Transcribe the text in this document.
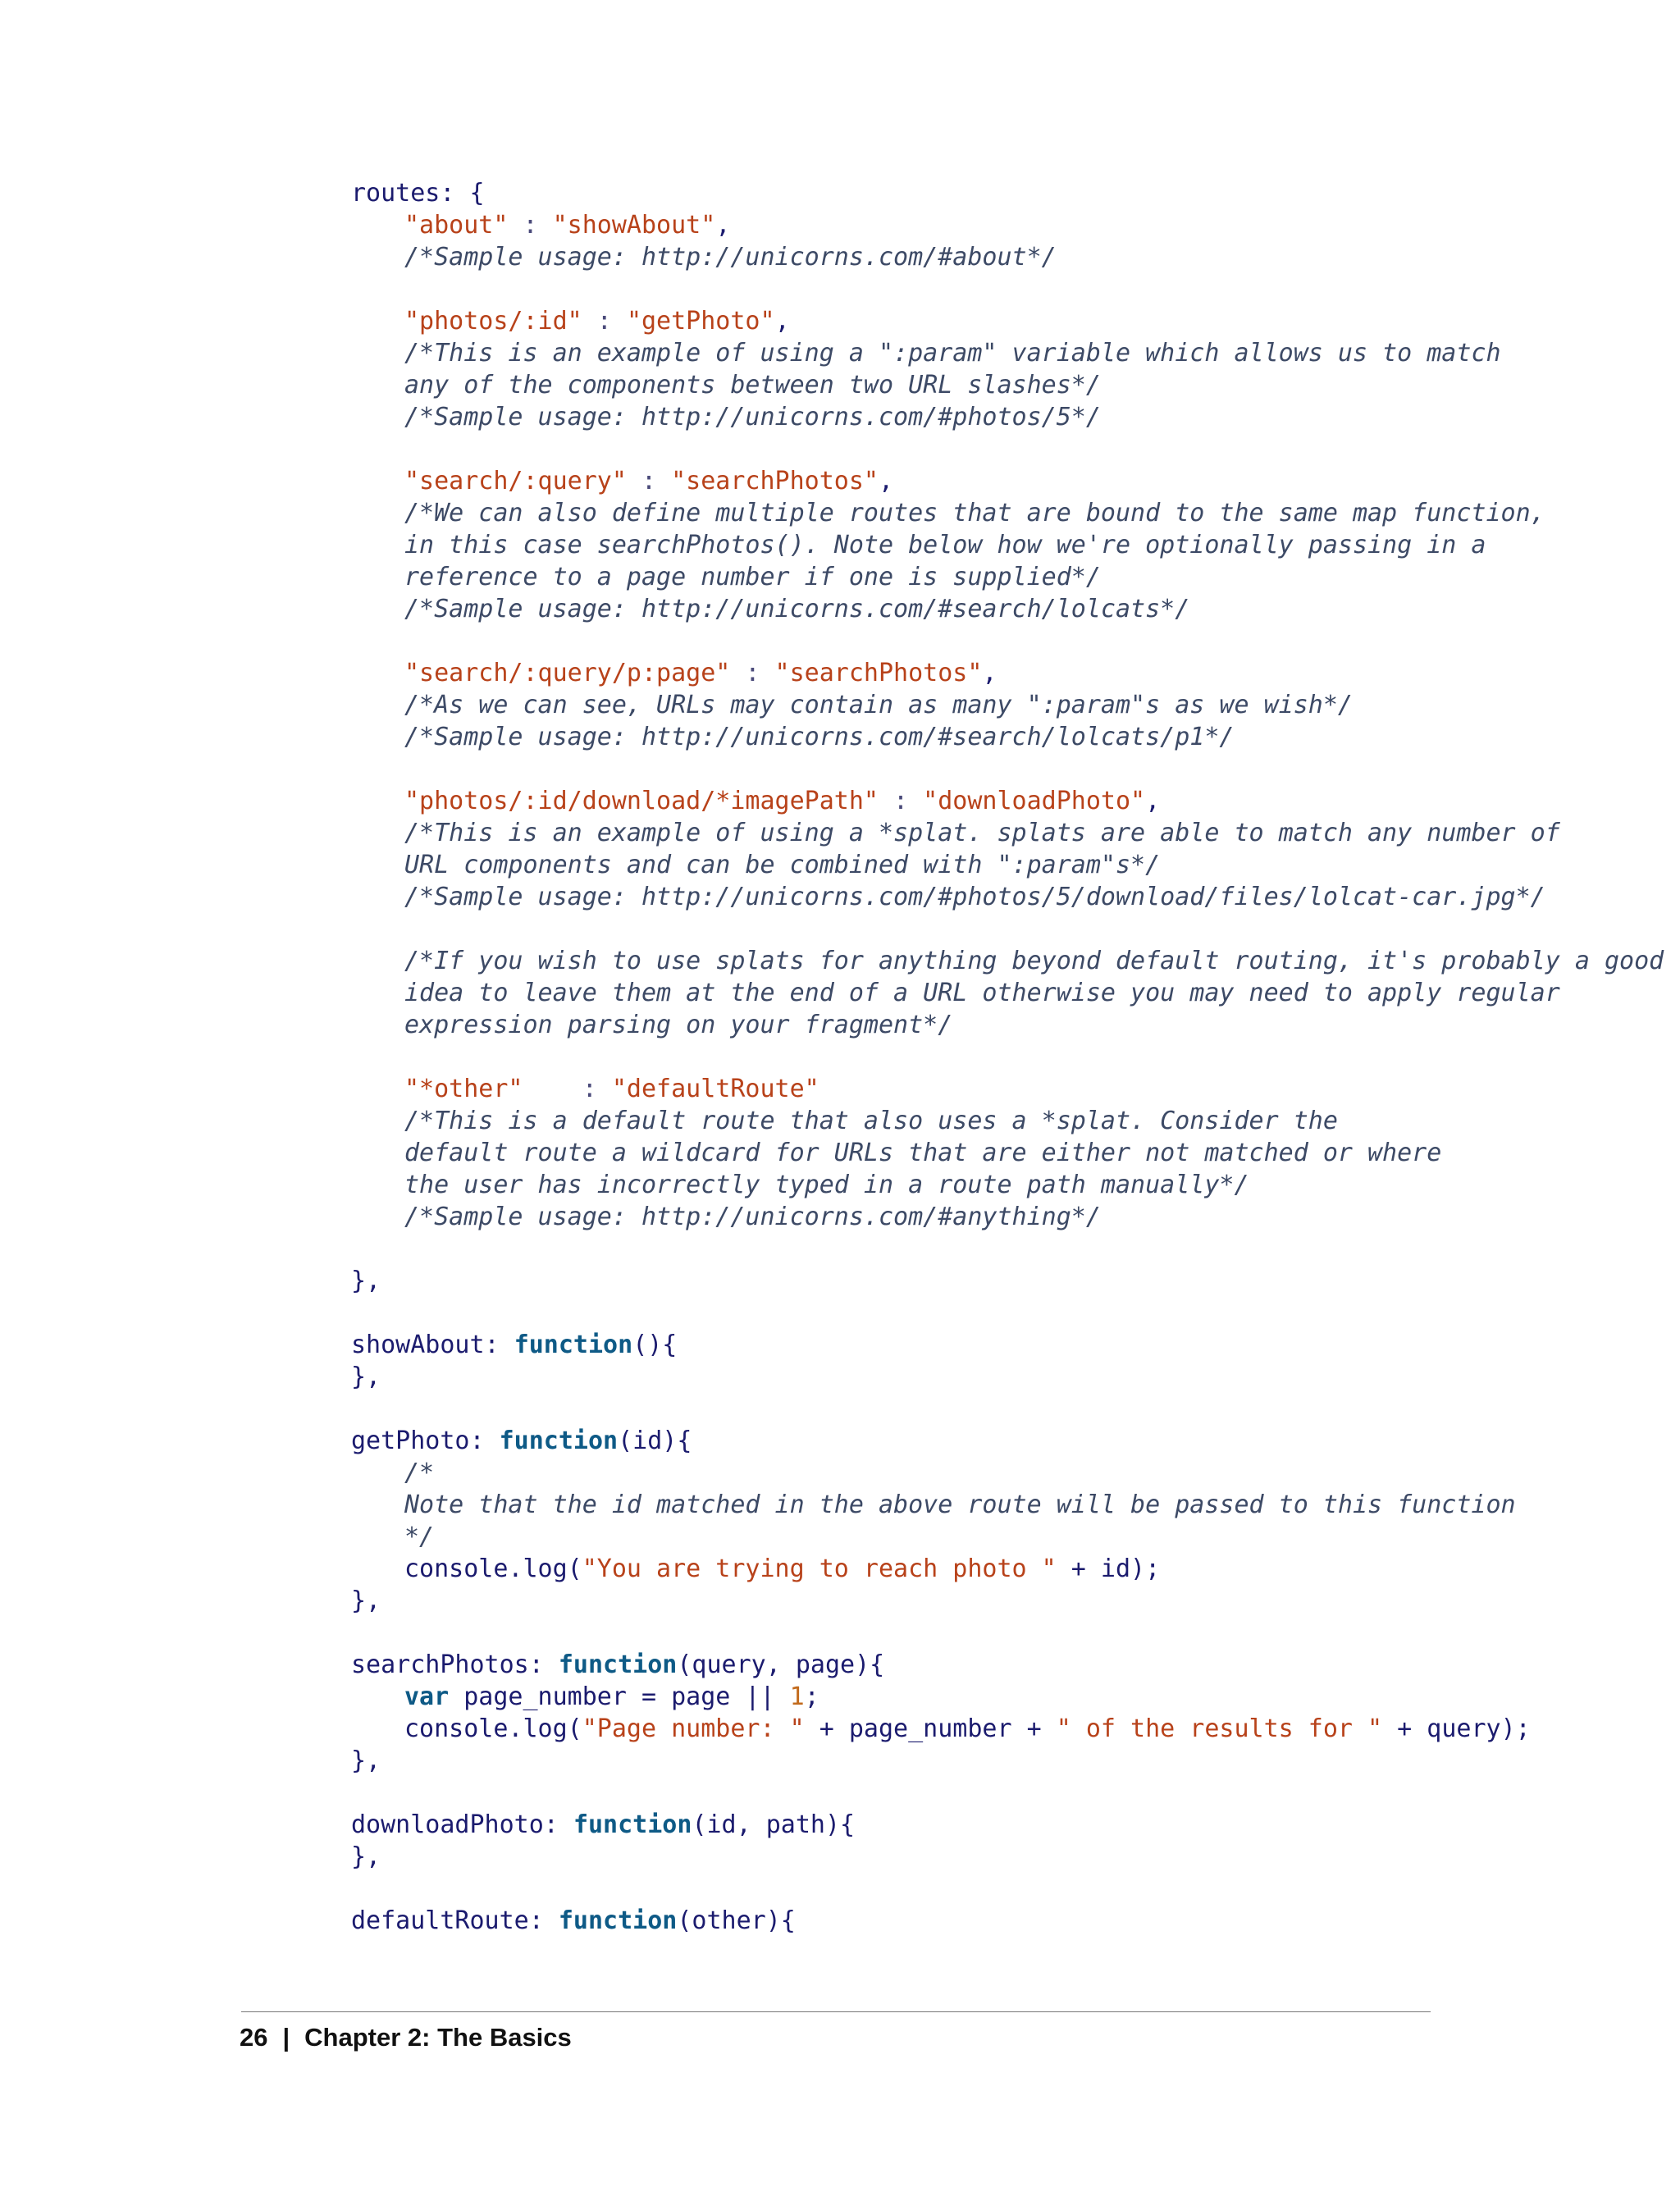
routes: {
"about" : "showAbout",
/*Sample usage: http://unicorns.com/#about*/
"photos/:id" : "getPhoto",
/*This is an example of using a ":param" variable which allows us to match
any of the components between two URL slashes*/
/*Sample usage: http://unicorns.com/#photos/5*/
"search/:query" : "searchPhotos",
/*We can also define multiple routes that are bound to the same map function,
in this case searchPhotos(). Note below how we're optionally passing in a
reference to a page number if one is supplied*/
/*Sample usage: http://unicorns.com/#search/lolcats*/
"search/:query/p:page" : "searchPhotos",
/*As we can see, URLs may contain as many ":param"s as we wish*/
/*Sample usage: http://unicorns.com/#search/lolcats/p1*/
"photos/:id/download/*imagePath" : "downloadPhoto",
/*This is an example of using a *splat. splats are able to match any number of
URL components and can be combined with ":param"s*/
/*Sample usage: http://unicorns.com/#photos/5/download/files/lolcat-car.jpg*/
/*If you wish to use splats for anything beyond default routing, it's probably a good
idea to leave them at the end of a URL otherwise you may need to apply regular
expression parsing on your fragment*/
"*other"    : "defaultRoute"
/*This is a default route that also uses a *splat. Consider the
default route a wildcard for URLs that are either not matched or where
the user has incorrectly typed in a route path manually*/
/*Sample usage: http://unicorns.com/#anything*/
},
showAbout: function(){
},
getPhoto: function(id){
/*
Note that the id matched in the above route will be passed to this function
*/
console.log("You are trying to reach photo " + id);
},
searchPhotos: function(query, page){
var page_number = page || 1;
console.log("Page number: " + page_number + " of the results for " + query);
},
downloadPhoto: function(id, path){
},
defaultRoute: function(other){
26 | Chapter 2: The Basics
